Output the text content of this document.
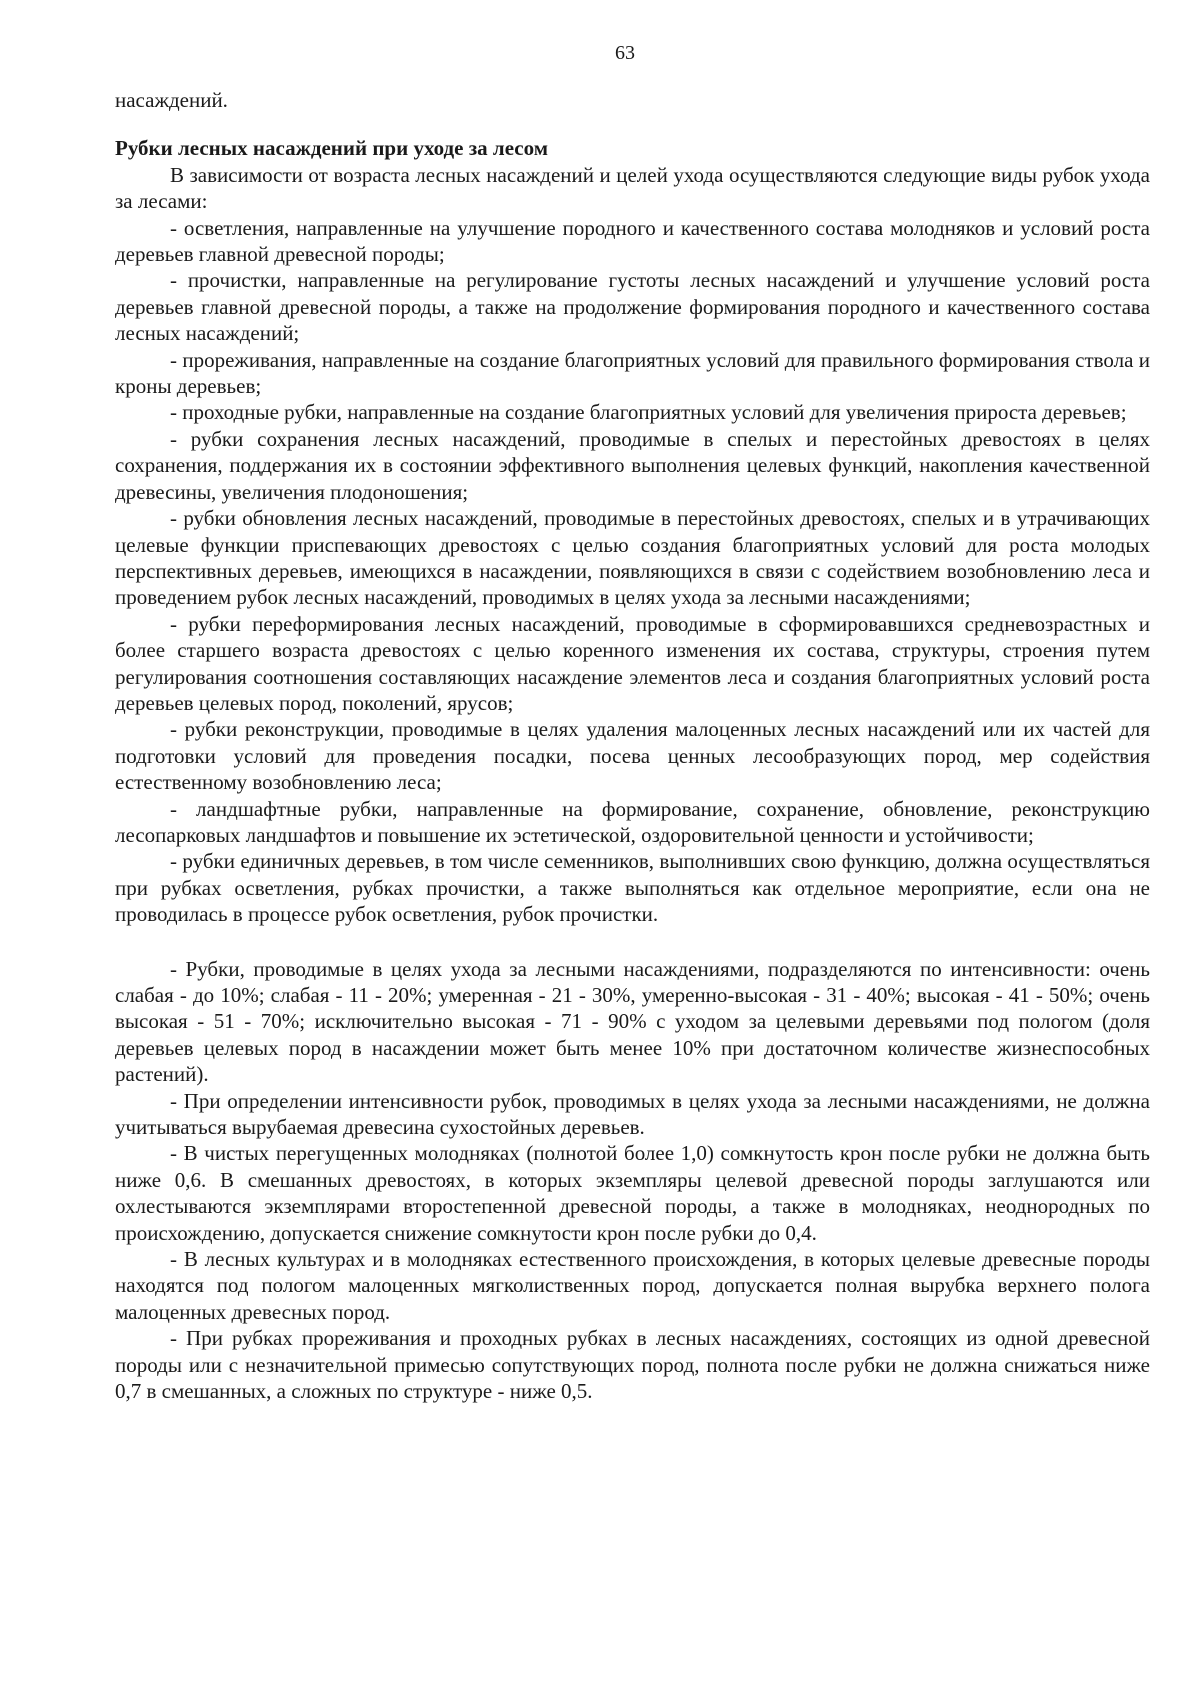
63

насаждений.

Рубки лесных насаждений при уходе за лесом

В зависимости от возраста лесных насаждений и целей ухода осуществляются следующие виды рубок ухода за лесами:

- осветления, направленные на улучшение породного и качественного состава молодняков и условий роста деревьев главной древесной породы;

- прочистки, направленные на регулирование густоты лесных насаждений и улучшение условий роста деревьев главной древесной породы, а также на продолжение формирования породного и качественного состава лесных насаждений;

- прореживания, направленные на создание благоприятных условий для правильного формирования ствола и кроны деревьев;

- проходные рубки, направленные на создание благоприятных условий для увеличения прироста деревьев;

- рубки сохранения лесных насаждений, проводимые в спелых и перестойных древостоях в целях сохранения, поддержания их в состоянии эффективного выполнения целевых функций, накопления качественной древесины, увеличения плодоношения;

- рубки обновления лесных насаждений, проводимые в перестойных древостоях, спелых и в утрачивающих целевые функции приспевающих древостоях с целью создания благоприятных условий для роста молодых перспективных деревьев, имеющихся в насаждении, появляющихся в связи с содействием возобновлению леса и проведением рубок лесных насаждений, проводимых в целях ухода за лесными насаждениями;

- рубки переформирования лесных насаждений, проводимые в сформировавшихся средневозрастных и более старшего возраста древостоях с целью коренного изменения их состава, структуры, строения путем регулирования соотношения составляющих насаждение элементов леса и создания благоприятных условий роста деревьев целевых пород, поколений, ярусов;

- рубки реконструкции, проводимые в целях удаления малоценных лесных насаждений или их частей для подготовки условий для проведения посадки, посева ценных лесообразующих пород, мер содействия естественному возобновлению леса;

- ландшафтные рубки, направленные на формирование, сохранение, обновление, реконструкцию лесопарковых ландшафтов и повышение их эстетической, оздоровительной ценности и устойчивости;

- рубки единичных деревьев, в том числе семенников, выполнивших свою функцию, должна осуществляться при рубках осветления, рубках прочистки, а также выполняться как отдельное мероприятие, если она не проводилась в процессе рубок осветления, рубок прочистки.

- Рубки, проводимые в целях ухода за лесными насаждениями, подразделяются по интенсивности: очень слабая - до 10%; слабая - 11 - 20%; умеренная - 21 - 30%, умеренно-высокая - 31 - 40%; высокая - 41 - 50%; очень высокая - 51 - 70%; исключительно высокая - 71 - 90% с уходом за целевыми деревьями под пологом (доля деревьев целевых пород в насаждении может быть менее 10% при достаточном количестве жизнеспособных растений).

- При определении интенсивности рубок, проводимых в целях ухода за лесными насаждениями, не должна учитываться вырубаемая древесина сухостойных деревьев.

- В чистых перегущенных молодняках (полнотой более 1,0) сомкнутость крон после рубки не должна быть ниже 0,6. В смешанных древостоях, в которых экземпляры целевой древесной породы заглушаются или охлестываются экземплярами второстепенной древесной породы, а также в молодняках, неоднородных по происхождению, допускается снижение сомкнутости крон после рубки до 0,4.

- В лесных культурах и в молодняках естественного происхождения, в которых целевые древесные породы находятся под пологом малоценных мягколиственных пород, допускается полная вырубка верхнего полога малоценных древесных пород.

- При рубках прореживания и проходных рубках в лесных насаждениях, состоящих из одной древесной породы или с незначительной примесью сопутствующих пород, полнота после рубки не должна снижаться ниже 0,7 в смешанных, а сложных по структуре - ниже 0,5.
